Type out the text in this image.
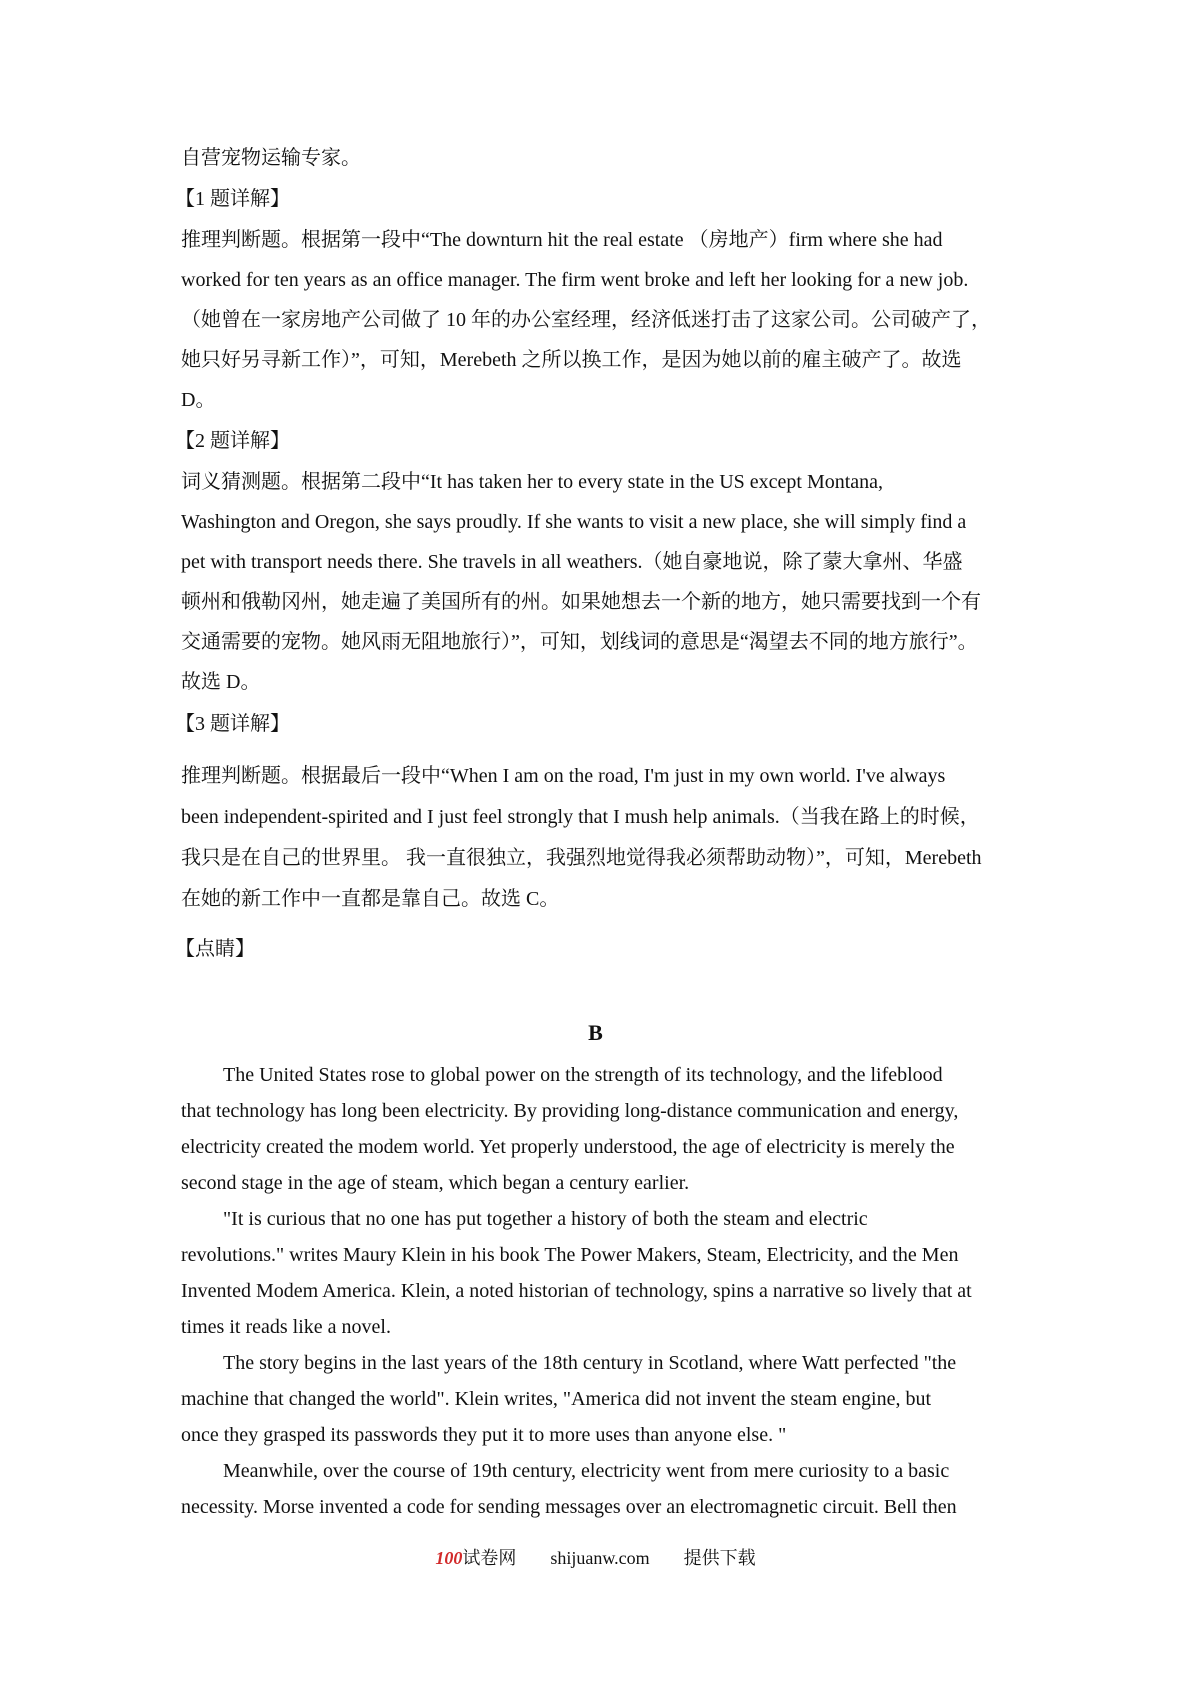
自营宠物运输专家。
【1 题详解】
推理判断题。根据第一段中“The downturn hit the real estate （房地产）firm where she had
worked for ten years as an office manager. The firm went broke and left her looking for a new job.
（她曾在一家房地产公司做了 10 年的办公室经理，经济低迷打击了这家公司。公司破产了，
她只好另寻新工作）”，可知，Merebeth 之所以换工作，是因为她以前的雇主破产了。故选
D。
【2 题详解】
词义猜测题。根据第二段中“It has taken her to every state in the US except Montana,
Washington and Oregon, she says proudly. If she wants to visit a new place, she will simply find a
pet with transport needs there. She travels in all weathers.（她自豪地说，除了蒙大拿州、华盛
顿州和俄勒冈州，她走遍了美国所有的州。如果她想去一个新的地方，她只需要找到一个有
交通需要的宠物。她风雨无阻地旅行）”，可知，划线词的意思是“渴望去不同的地方旅行”。
故选 D。
【3 题详解】
推理判断题。根据最后一段中“When I am on the road, I'm just in my own world. I've always
been independent-spirited and I just feel strongly that I mush help animals.（当我在路上的时候，
我只是在自己的世界里。 我一直很独立，我强烈地觉得我必须帮助动物）”，可知，Merebeth
在她的新工作中一直都是靠自己。故选 C。
【点睛】
B
The United States rose to global power on the strength of its technology, and the lifeblood
that technology has long been electricity. By providing long-distance communication and energy,
electricity created the modem world. Yet properly understood, the age of electricity is merely the
second stage in the age of steam, which began a century earlier.
"It is curious that no one has put together a history of both the steam and electric
revolutions." writes Maury Klein in his book The Power Makers, Steam, Electricity, and the Men
Invented Modem America. Klein, a noted historian of technology, spins a narrative so lively that at
times it reads like a novel.
The story begins in the last years of the 18th century in Scotland, where Watt perfected "the
machine that changed the world". Klein writes, "America did not invent the steam engine, but
once they grasped its passwords they put it to more uses than anyone else. "
Meanwhile, over the course of 19th century, electricity went from mere curiosity to a basic
necessity. Morse invented a code for sending messages over an electromagnetic circuit. Bell then
100试卷网 shijuanw.com 提供下载
